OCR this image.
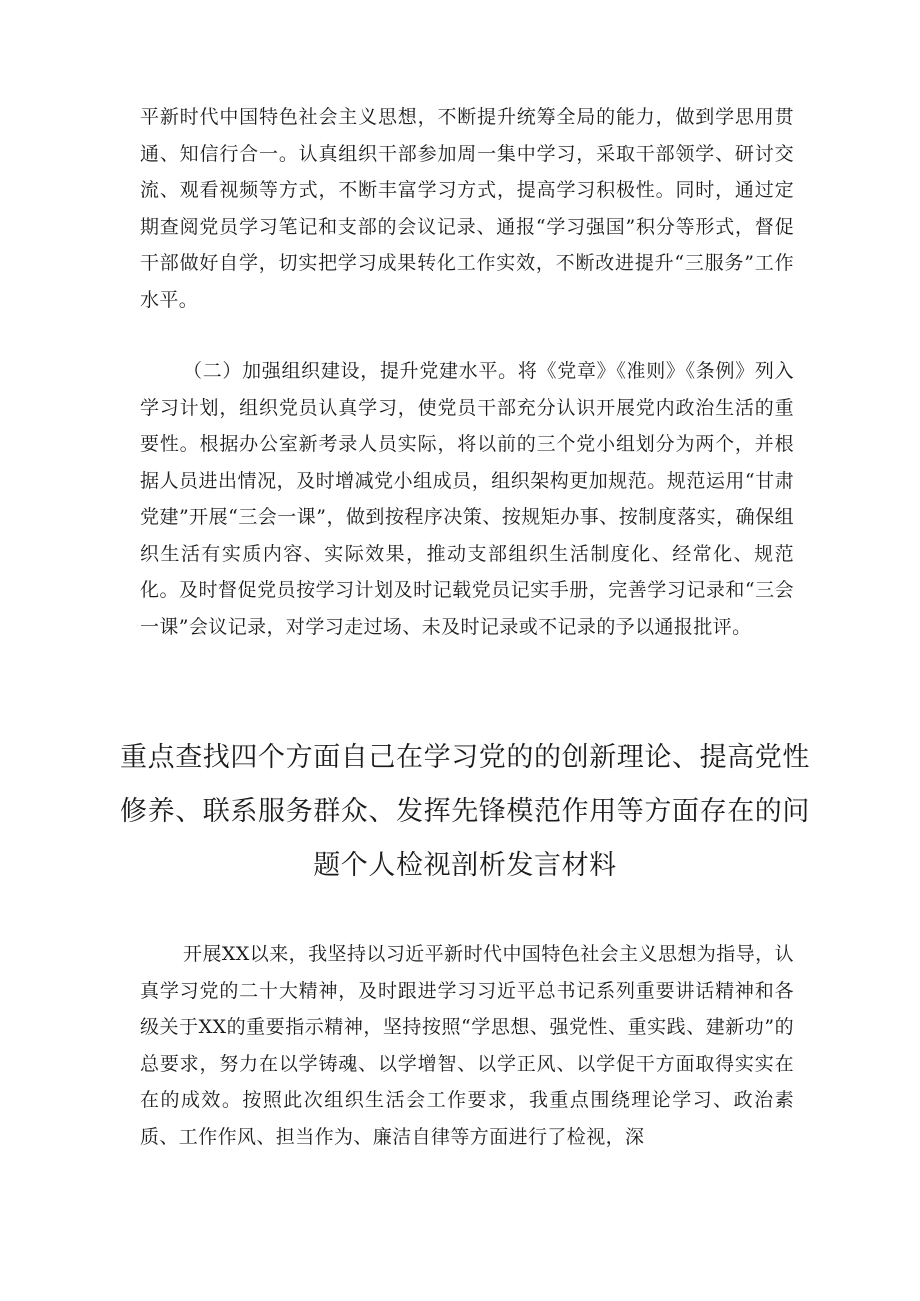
平新时代中国特色社会主义思想，不断提升统筹全局的能力，做到学思用贯通、知信行合一。认真组织干部参加周一集中学习，采取干部领学、研讨交流、观看视频等方式，不断丰富学习方式，提高学习积极性。同时，通过定期查阅党员学习笔记和支部的会议记录、通报“学习强国”积分等形式，督促干部做好自学，切实把学习成果转化工作实效，不断改进提升“三服务”工作水平。

（二）加强组织建设，提升党建水平。将《党章》《准则》《条例》列入学习计划，组织党员认真学习，使党员干部充分认识开展党内政治生活的重要性。根据办公室新考录人员实际，将以前的三个党小组划分为两个，并根据人员进出情况，及时增减党小组成员，组织架构更加规范。规范运用“甘肃党建”开展“三会一课”，做到按程序决策、按规矩办事、按制度落实，确保组织生活有实质内容、实际效果，推动支部组织生活制度化、经常化、规范化。及时督促党员按学习计划及时记载党员记实手册，完善学习记录和“三会一课”会议记录，对学习走过场、未及时记录或不记录的予以通报批评。

重点查找四个方面自己在学习党的的创新理论、提高党性修养、联系服务群众、发挥先锋模范作用等方面存在的问题个人检视剖析发言材料

开展XX以来，我坚持以习近平新时代中国特色社会主义思想为指导，认真学习党的二十大精神，及时跟进学习习近平总书记系列重要讲话精神和各级关于XX的重要指示精神，坚持按照“学思想、强党性、重实践、建新功”的总要求，努力在以学铸魂、以学增智、以学正风、以学促干方面取得实实在在的成效。按照此次组织生活会工作要求，我重点围绕理论学习、政治素质、工作作风、担当作为、廉洁自律等方面进行了检视，深
